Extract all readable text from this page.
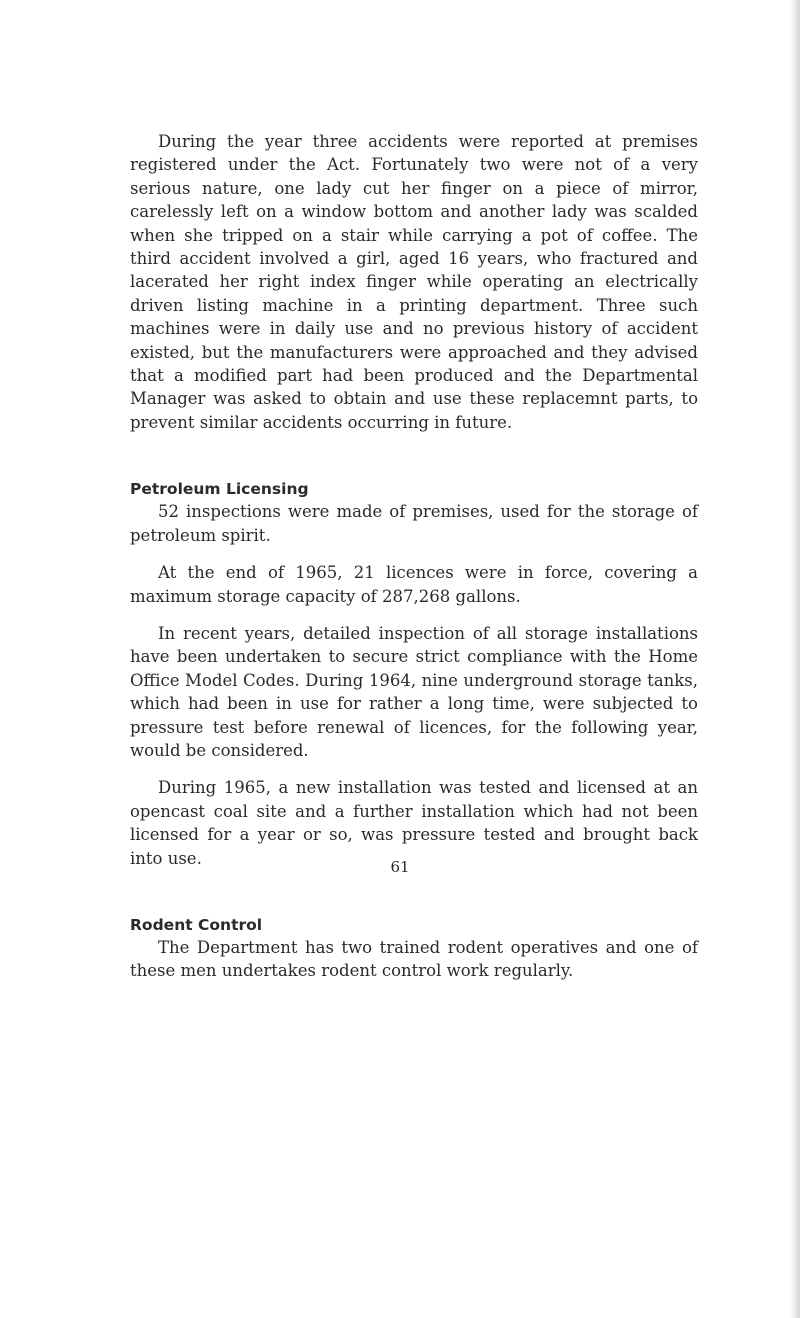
During the year three accidents were reported at premises registered under the Act. Fortunately two were not of a very serious nature, one lady cut her finger on a piece of mirror, carelessly left on a window bottom and another lady was scalded when she tripped on a stair while carrying a pot of coffee. The third accident involved a girl, aged 16 years, who fractured and lacerated her right index finger while operating an electrically driven listing machine in a printing department. Three such machines were in daily use and no previous history of accident existed, but the manufacturers were approached and they advised that a modified part had been produced and the Departmental Manager was asked to obtain and use these replacemnt parts, to prevent similar accidents occurring in future.

Petroleum Licensing

52 inspections were made of premises, used for the storage of petroleum spirit.

At the end of 1965, 21 licences were in force, covering a maximum storage capacity of 287,268 gallons.

In recent years, detailed inspection of all storage installations have been undertaken to secure strict compliance with the Home Office Model Codes. During 1964, nine underground storage tanks, which had been in use for rather a long time, were subjected to pressure test before renewal of licences, for the following year, would be considered.

During 1965, a new installation was tested and licensed at an opencast coal site and a further installation which had not been licensed for a year or so, was pressure tested and brought back into use.

Rodent Control

The Department has two trained rodent operatives and one of these men undertakes rodent control work regularly.

61
